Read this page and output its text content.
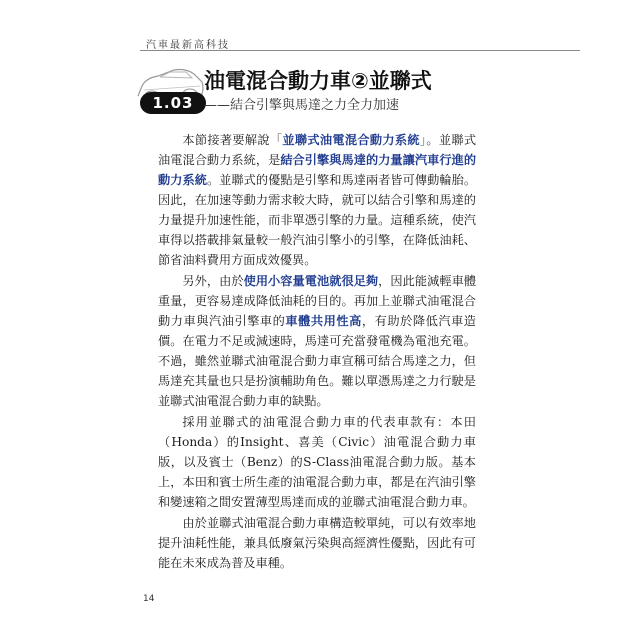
汽車最新高科技
1.03
油電混合動力車②並聯式
——結合引擎與馬達之力全力加速

本節接著要解說「並聯式油電混合動力系統」。並聯式油電混合動力系統，是結合引擎與馬達的力量讓汽車行進的動力系統。並聯式的優點是引擎和馬達兩者皆可傳動輪胎。因此，在加速等動力需求較大時，就可以結合引擎和馬達的力量提升加速性能，而非單憑引擎的力量。這種系統，使汽車得以搭載排氣量較一般汽油引擎小的引擎，在降低油耗、節省油料費用方面成效優異。

另外，由於使用小容量電池就很足夠，因此能減輕車體重量，更容易達成降低油耗的目的。再加上並聯式油電混合動力車與汽油引擎車的車體共用性高，有助於降低汽車造價。在電力不足或減速時，馬達可充當發電機為電池充電。不過，雖然並聯式油電混合動力車宣稱可結合馬達之力，但馬達充其量也只是扮演輔助角色。難以單憑馬達之力行駛是並聯式油電混合動力車的缺點。

採用並聯式的油電混合動力車的代表車款有：本田（Honda）的Insight、喜美（Civic）油電混合動力車版，以及賓士（Benz）的S-Class油電混合動力版。基本上，本田和賓士所生產的油電混合動力車，都是在汽油引擎和變速箱之間安置薄型馬達而成的並聯式油電混合動力車。

由於並聯式油電混合動力車構造較單純，可以有效率地提升油耗性能，兼具低廢氣污染與高經濟性優點，因此有可能在未來成為普及車種。

14
